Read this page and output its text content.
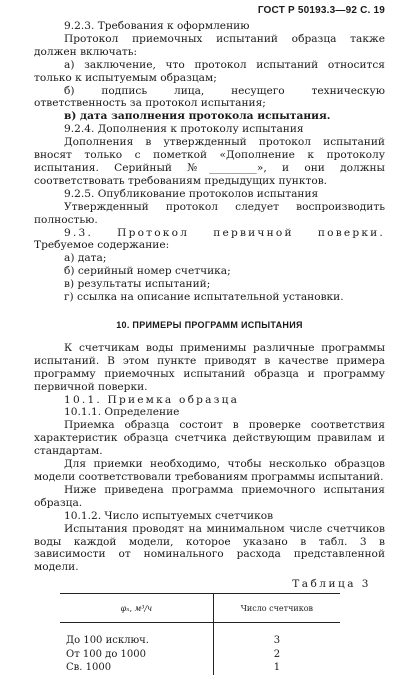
ГОСТ Р 50193.3—92 С. 19

9.2.3. Требования к оформлению

Протокол приемочных испытаний образца также должен включать:

а) заключение, что протокол испытаний относится только к испытуемым образцам;

б) подпись лица, несущего техническую ответственность за протокол испытания;

в) дата заполнения протокола испытания.

9.2.4. Дополнения к протоколу испытания

Дополнения в утвержденный протокол испытаний вносят только с пометкой «Дополнение к протоколу испытания. Серийный №_________», и они должны соответствовать требованиям предыдущих пунктов.

9.2.5. Опубликование протоколов испытания

Утвержденный протокол следует воспроизводить полностью.

9.3. Протокол первичной поверки. Требуемое содержание:

а) дата;

б) серийный номер счетчика;

в) результаты испытаний;

г) ссылка на описание испытательной установки.

10. ПРИМЕРЫ ПРОГРАММ ИСПЫТАНИЯ

К счетчикам воды применимы различные программы испытаний. В этом пункте приводят в качестве примера программу приемочных испытаний образца и программу первичной поверки.

10.1. Приемка образца

10.1.1. Определение

Приемка образца состоит в проверке соответствия характеристик образца счетчика действующим правилам и стандартам.

Для приемки необходимо, чтобы несколько образцов модели соответствовали требованиям программы испытаний.

Ниже приведена программа приемочного испытания образца.

10.1.2. Число испытуемых счетчиков

Испытания проводят на минимальном числе счетчиков воды каждой модели, которое указано в табл. 3 в зависимости от номинального расхода представленной модели.

Таблица 3
φₙ, м³/ч	Число счетчиков
До 100 исключ.	3
От 100 до 1000	2
Св. 1000	1
